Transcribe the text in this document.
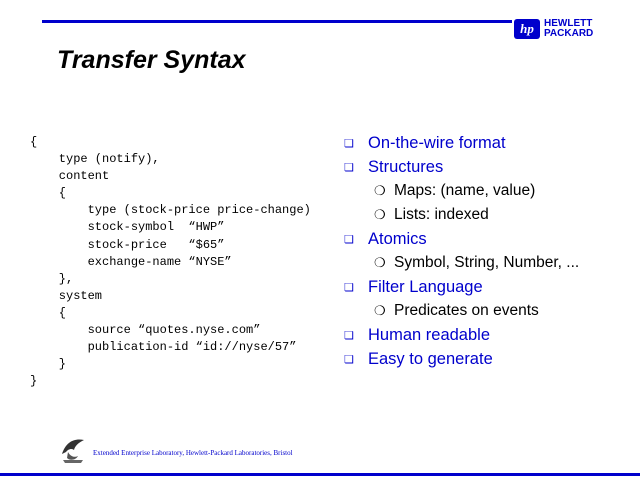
hp HEWLETT
PACKARD
Transfer Syntax
{
type (notify),
content
{
type (stock-price price-change)
stock-symbol  “HWP”
stock-price   “$65”
exchange-name “NYSE”
},
system
{
source “quotes.nyse.com”
publication-id “id://nyse/57”
}
}
❏ On-the-wire format
❏ Structures
❍ Maps: (name, value)
❍ Lists: indexed
❏ Atomics
❍ Symbol, String, Number, ...
❏ Filter Language
❍ Predicates on events
❏ Human readable
❏ Easy to generate

Extended Enterprise Laboratory, Hewlett-Packard Laboratories, Bristol
